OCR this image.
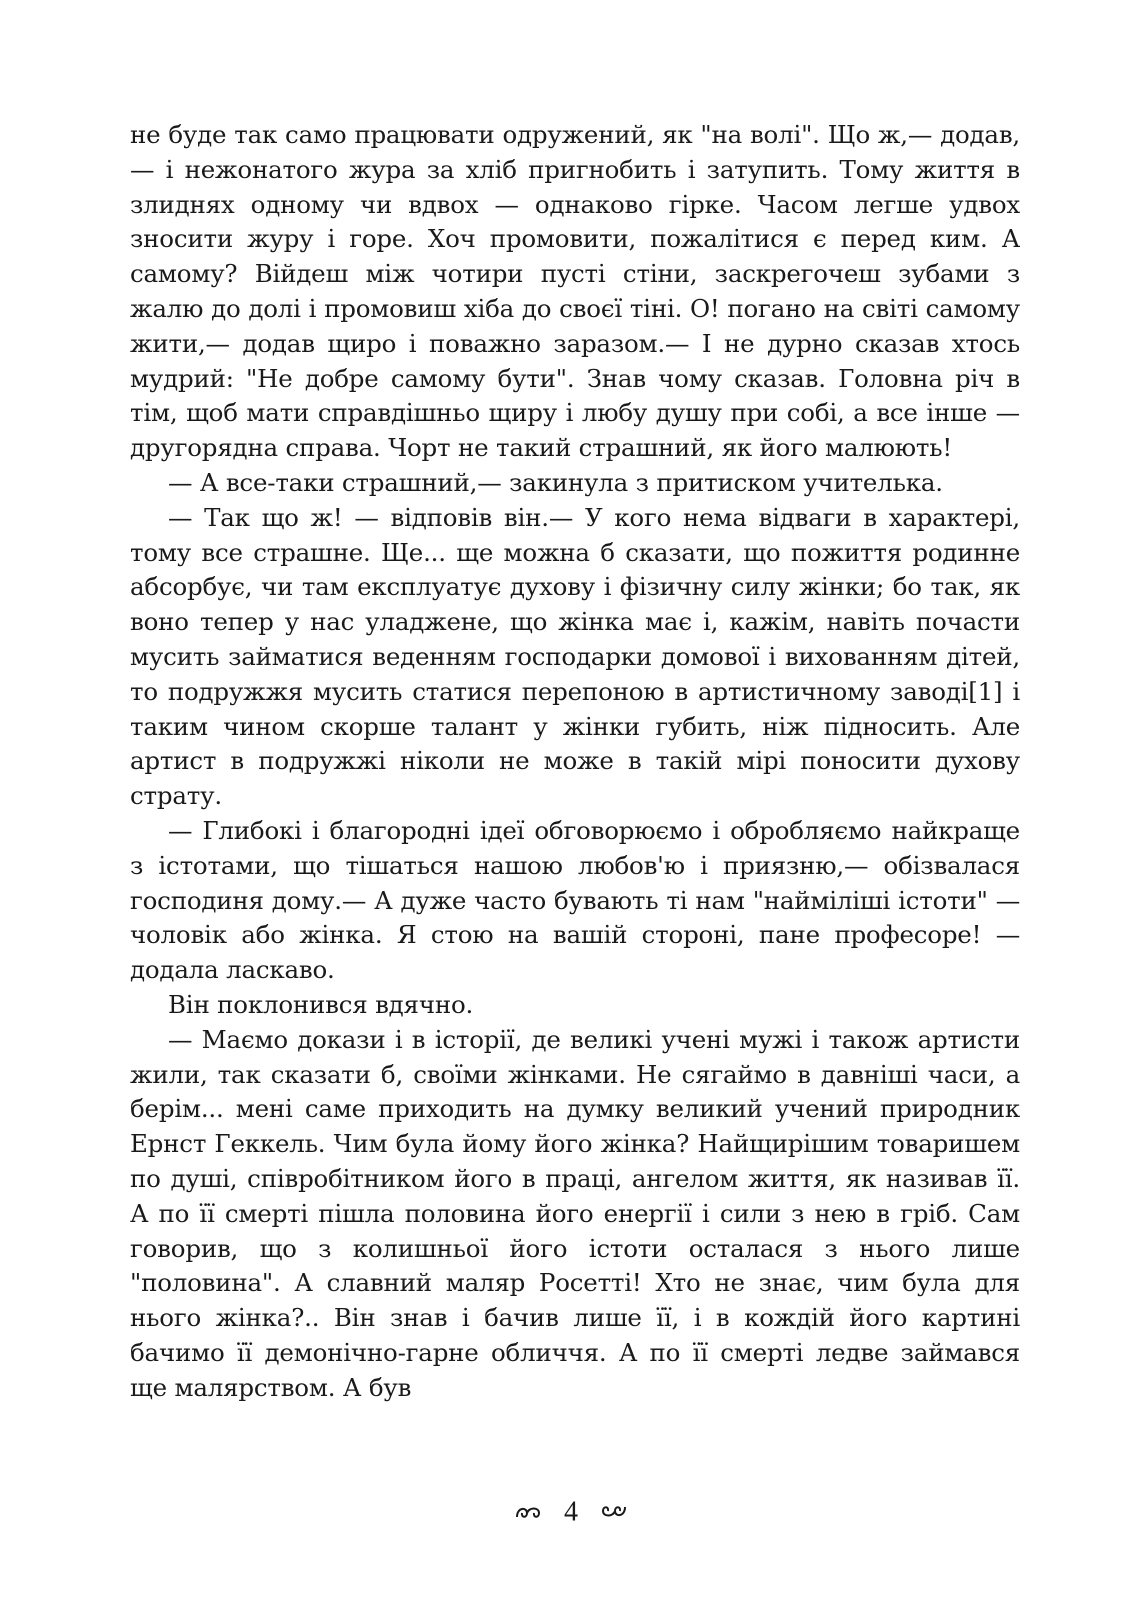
не буде так само працювати одружений, як "на волі". Що ж,— додав,— і нежонатого жура за хліб пригнобить і затупить. Тому життя в злиднях одному чи вдвох — однаково гірке. Часом легше удвох зносити журу і горе. Хоч промовити, пожалітися є перед ким. А самому? Війдеш між чотири пусті стіни, заскрегочеш зубами з жалю до долі і промовиш хіба до своєї тіні. О! погано на світі самому жити,— додав щиро і поважно заразом.— І не дурно сказав хтось мудрий: "Не добре самому бути". Знав чому сказав. Головна річ в тім, щоб мати справдішньо щиру і любу душу при собі, а все інше — другорядна справа. Чорт не такий страшний, як його малюють!

— А все-таки страшний,— закинула з притиском учителька.

— Так що ж! — відповів він.— У кого нема відваги в характері, тому все страшне. Ще... ще можна б сказати, що пожиття родинне абсорбує, чи там експлуатує духову і фізичну силу жінки; бо так, як воно тепер у нас уладжене, що жінка має і, кажім, навіть почасти мусить займатися веденням господарки домової і вихованням дітей, то подружжя мусить статися перепоною в артистичному заводі[1] і таким чином скорше талант у жінки губить, ніж підносить. Але артист в подружжі ніколи не може в такій мірі поносити духову страту.

— Глибокі і благородні ідеї обговорюємо і обробляємо найкраще з істотами, що тішаться нашою любов'ю і приязню,— обізвалася господиня дому.— А дуже часто бувають ті нам "найміліші істоти" — чоловік або жінка. Я стою на вашій стороні, пане професоре! — додала ласкаво.

Він поклонився вдячно.

— Маємо докази і в історії, де великі учені мужі і також артисти жили, так сказати б, своїми жінками. Не сягаймо в давніші часи, а берім... мені саме приходить на думку великий учений природник Ернст Геккель. Чим була йому його жінка? Найщирішим товаришем по душі, співробітником його в праці, ангелом життя, як називав її. А по її смерті пішла половина його енергії і сили з нею в гріб. Сам говорив, що з колишньої його істоти осталася з нього лише "половина". А славний маляр Росетті! Хто не знає, чим була для нього жінка?.. Він знав і бачив лише її, і в кождій його картині бачимо її демонічно-гарне обличчя. А по її смерті ледве займався ще малярством. А був

4
